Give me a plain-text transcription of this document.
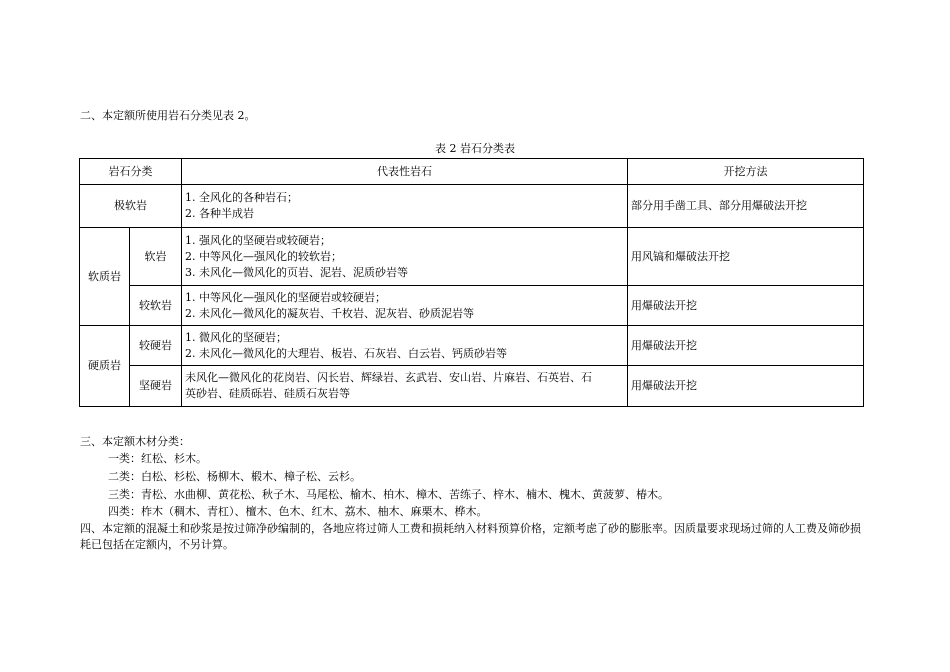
二、本定额所使用岩石分类见表 2。
表 2 岩石分类表
岩石分类		代表性岩石	开挖方法
极软岩		1. 全风化的各种岩石；
2. 各种半成岩	部分用手凿工具、部分用爆破法开挖
软质岩	软岩	1. 强风化的坚硬岩或较硬岩；
2. 中等风化—强风化的较软岩；
3. 未风化—微风化的页岩、泥岩、泥质砂岩等	用风镐和爆破法开挖
	较软岩	1. 中等风化—强风化的坚硬岩或较硬岩；
2. 未风化—微风化的凝灰岩、千枚岩、泥灰岩、砂质泥岩等	用爆破法开挖
硬质岩	较硬岩	1. 微风化的坚硬岩；
2. 未风化—微风化的大理岩、板岩、石灰岩、白云岩、钙质砂岩等	用爆破法开挖
	坚硬岩	未风化—微风化的花岗岩、闪长岩、辉绿岩、玄武岩、安山岩、片麻岩、石英岩、石
英砂岩、硅质砾岩、硅质石灰岩等	用爆破法开挖
三、本定额木材分类：
一类：红松、杉木。
二类：白松、杉松、杨柳木、椴木、樟子松、云杉。
三类：青松、水曲柳、黄花松、秋子木、马尾松、榆木、柏木、樟木、苦练子、梓木、楠木、槐木、黄菠萝、椿木。
四类：柞木（稠木、青杠）、檀木、色木、红木、荔木、柚木、麻栗木、桦木。
四、本定额的混凝土和砂浆是按过筛净砂编制的，各地应将过筛人工费和损耗纳入材料预算价格，定额考虑了砂的膨胀率。因质量要求现场过筛的人工费及筛砂损耗已包括在定额内，不另计算。
